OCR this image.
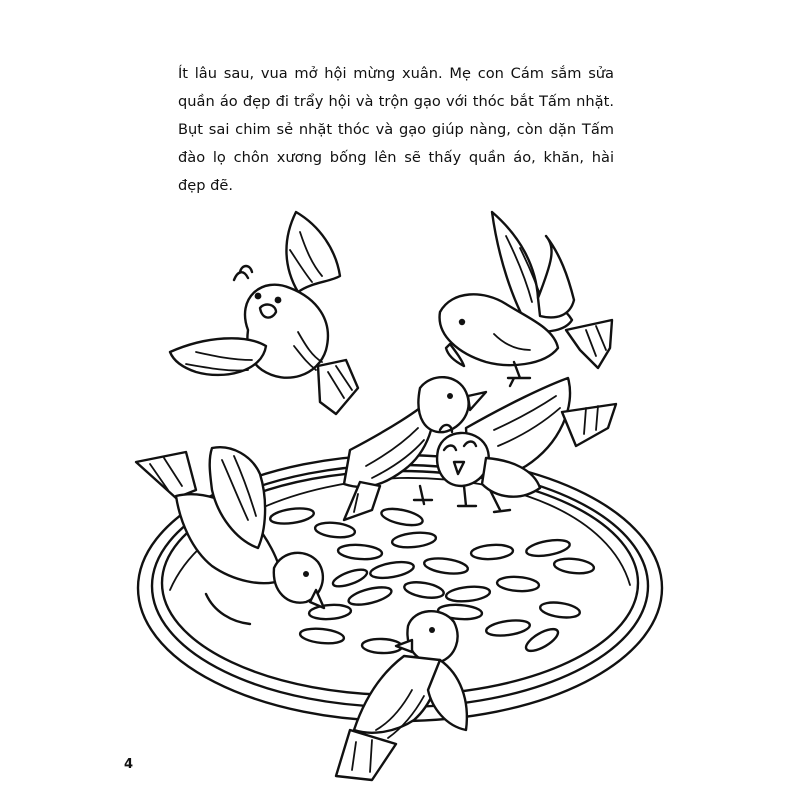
Ít lâu sau, vua mở hội mừng xuân. Mẹ con Cám sắm sửa
quần áo đẹp đi trẩy hội và trộn gạo với thóc bắt Tấm nhặt.
Bụt sai chim sẻ nhặt thóc và gạo giúp nàng, còn dặn Tấm
đào lọ chôn xương bống lên sẽ thấy quần áo, khăn, hài
đẹp đẽ.
4
